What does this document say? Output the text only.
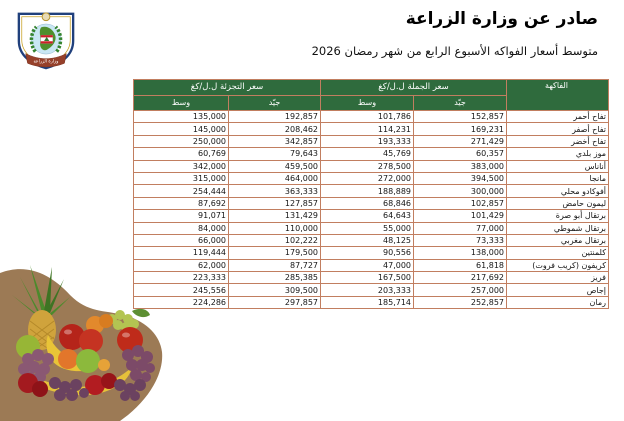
وزارة الزراعة
صادر عن وزارة الزراعة
متوسط أسعار الفواكه الأسبوع الرابع من شهر رمضان 2026
الفاكهة	سعر الجملة ل.ل/كغ		سعر التجزئة ل.ل/كغ	
	جيّد	وسط	جيّد	وسط
تفاح أحمر	152,857	101,786	192,857	135,000
تفاح أصفر	169,231	114,231	208,462	145,000
تفاح أخضر	271,429	193,333	342,857	250,000
موز بلدي	60,357	45,769	79,643	60,769
أناناس	383,000	278,500	459,500	342,000
مانجا	394,500	272,000	464,000	315,000
أفوكادو محلي	300,000	188,889	363,333	254,444
ليمون حامض	102,857	68,846	127,857	87,692
برتقال أبو صرة	101,429	64,643	131,429	91,071
برتقال شموطي	77,000	55,000	110,000	84,000
برتقال مغربي	73,333	48,125	102,222	66,000
كلمنتين	138,000	90,556	179,500	119,444
كريفون (كريب فروت)	61,818	47,000	87,727	62,000
فريز	217,692	167,500	285,385	223,333
إجاص	257,000	203,333	309,500	245,556
رمان	252,857	185,714	297,857	224,286
